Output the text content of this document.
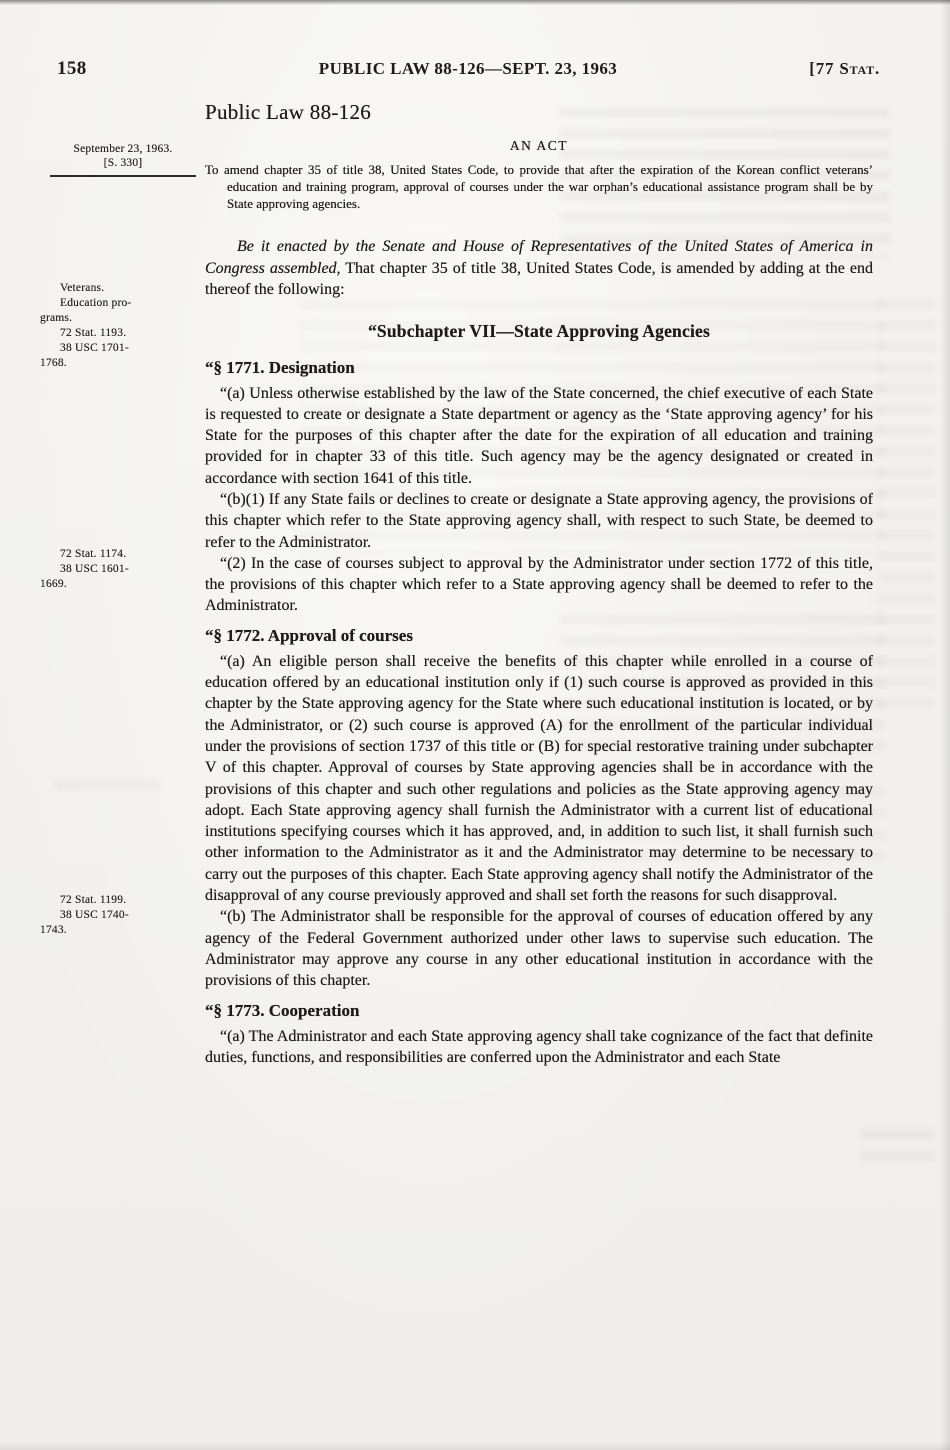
158	PUBLIC LAW 88-126—SEPT. 23, 1963	[77 Stat.
September 23, 1963.
[S. 330]
Veterans.
Education pro-
grams.
72 Stat. 1193.
38 USC 1701-
1768.
72 Stat. 1174.
38 USC 1601-
1669.
72 Stat. 1199.
38 USC 1740-
1743.
Public Law 88-126
AN ACT

To amend chapter 35 of title 38, United States Code, to provide that after the expiration of the Korean conflict veterans’ education and training program, approval of courses under the war orphan’s educational assistance program shall be by State approving agencies.

Be it enacted by the Senate and House of Representatives of the United States of America in Congress assembled, That chapter 35 of title 38, United States Code, is amended by adding at the end thereof the following:

“Subchapter VII—State Approving Agencies
“§ 1771. Designation

“(a) Unless otherwise established by the law of the State concerned, the chief executive of each State is requested to create or designate a State department or agency as the ‘State approving agency’ for his State for the purposes of this chapter after the date for the expiration of all education and training provided for in chapter 33 of this title. Such agency may be the agency designated or created in accordance with section 1641 of this title.

“(b)(1) If any State fails or declines to create or designate a State approving agency, the provisions of this chapter which refer to the State approving agency shall, with respect to such State, be deemed to refer to the Administrator.

“(2) In the case of courses subject to approval by the Administrator under section 1772 of this title, the provisions of this chapter which refer to a State approving agency shall be deemed to refer to the Administrator.

“§ 1772. Approval of courses

“(a) An eligible person shall receive the benefits of this chapter while enrolled in a course of education offered by an educational institution only if (1) such course is approved as provided in this chapter by the State approving agency for the State where such educational institution is located, or by the Administrator, or (2) such course is approved (A) for the enrollment of the particular individual under the provisions of section 1737 of this title or (B) for special restorative training under subchapter V of this chapter. Approval of courses by State approving agencies shall be in accordance with the provisions of this chapter and such other regulations and policies as the State approving agency may adopt. Each State approving agency shall furnish the Administrator with a current list of educational institutions specifying courses which it has approved, and, in addition to such list, it shall furnish such other information to the Administrator as it and the Administrator may determine to be necessary to carry out the purposes of this chapter. Each State approving agency shall notify the Administrator of the disapproval of any course previously approved and shall set forth the reasons for such disapproval.

“(b) The Administrator shall be responsible for the approval of courses of education offered by any agency of the Federal Government authorized under other laws to supervise such education. The Administrator may approve any course in any other educational institution in accordance with the provisions of this chapter.

“§ 1773. Cooperation

“(a) The Administrator and each State approving agency shall take cognizance of the fact that definite duties, functions, and responsibilities are conferred upon the Administrator and each State
